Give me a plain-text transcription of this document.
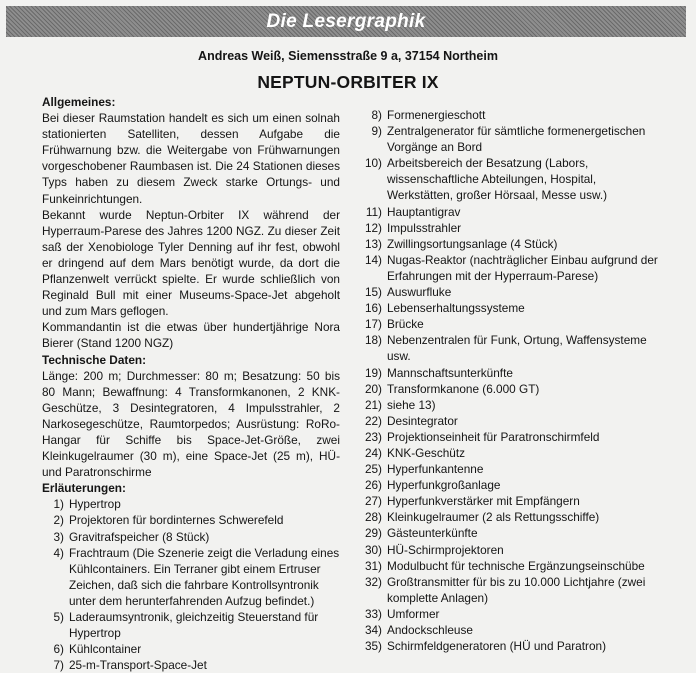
Die Lesergraphik
Andreas Weiß, Siemensstraße 9 a, 37154 Northeim
NEPTUN-ORBITER IX
Allgemeines:
Bei dieser Raumstation handelt es sich um einen solnah stationierten Satelliten, dessen Aufgabe die Frühwarnung bzw. die Weitergabe von Frühwarnungen vorgeschobener Raumbasen ist. Die 24 Stationen dieses Typs haben zu diesem Zweck starke Ortungs- und Funkeinrichtungen.
Bekannt wurde Neptun-Orbiter IX während der Hyperraum-Parese des Jahres 1200 NGZ. Zu dieser Zeit saß der Xenobiologe Tyler Denning auf ihr fest, obwohl er dringend auf dem Mars benötigt wurde, da dort die Pflanzenwelt verrückt spielte. Er wurde schließlich von Reginald Bull mit einer Museums-Space-Jet abgeholt und zum Mars geflogen.
Kommandantin ist die etwas über hundertjährige Nora Bierer (Stand 1200 NGZ)
Technische Daten:
Länge: 200 m; Durchmesser: 80 m; Besatzung: 50 bis 80 Mann; Bewaffnung: 4 Transformkanonen, 2 KNK-Geschütze, 3 Desintegratoren, 4 Impulsstrahler, 2 Narkosegeschütze, Raumtorpedos; Ausrüstung: RoRo-Hangar für Schiffe bis Space-Jet-Größe, zwei Kleinkugelraumer (30 m), eine Space-Jet (25 m), HÜ- und Paratronschirme
Erläuterungen:
1) Hypertrop
2) Projektoren für bordinternes Schwerefeld
3) Gravitrafspeicher (8 Stück)
4) Frachtraum (Die Szenerie zeigt die Verladung eines Kühlcontainers. Ein Terraner gibt einem Ertruser Zeichen, daß sich die fahrbare Kontrollsyntronik unter dem herunterfahrenden Aufzug befindet.)
5) Laderaumsyntronik, gleichzeitig Steuerstand für Hypertrop
6) Kühlcontainer
7) 25-m-Transport-Space-Jet
8) Formenergieschott
9) Zentralgenerator für sämtliche formenergetischen Vorgänge an Bord
10) Arbeitsbereich der Besatzung (Labors, wissenschaftliche Abteilungen, Hospital, Werkstätten, großer Hörsaal, Messe usw.)
11) Hauptantigrav
12) Impulsstrahler
13) Zwillingsortungsanlage (4 Stück)
14) Nugas-Reaktor (nachträglicher Einbau aufgrund der Erfahrungen mit der Hyperraum-Parese)
15) Auswurfluke
16) Lebenserhaltungssysteme
17) Brücke
18) Nebenzentralen für Funk, Ortung, Waffensysteme usw.
19) Mannschaftsunterkünfte
20) Transformkanone (6.000 GT)
21) siehe 13)
22) Desintegrator
23) Projektionseinheit für Paratronschirmfeld
24) KNK-Geschütz
25) Hyperfunkantenne
26) Hyperfunkgroßanlage
27) Hyperfunkverstärker mit Empfängern
28) Kleinkugelraumer (2 als Rettungsschiffe)
29) Gästeunterkünfte
30) HÜ-Schirmprojektoren
31) Modulbucht für technische Ergänzungseinschübe
32) Großtransmitter für bis zu 10.000 Lichtjahre (zwei komplette Anlagen)
33) Umformer
34) Andockschleuse
35) Schirmfeldgeneratoren (HÜ und Paratron)
